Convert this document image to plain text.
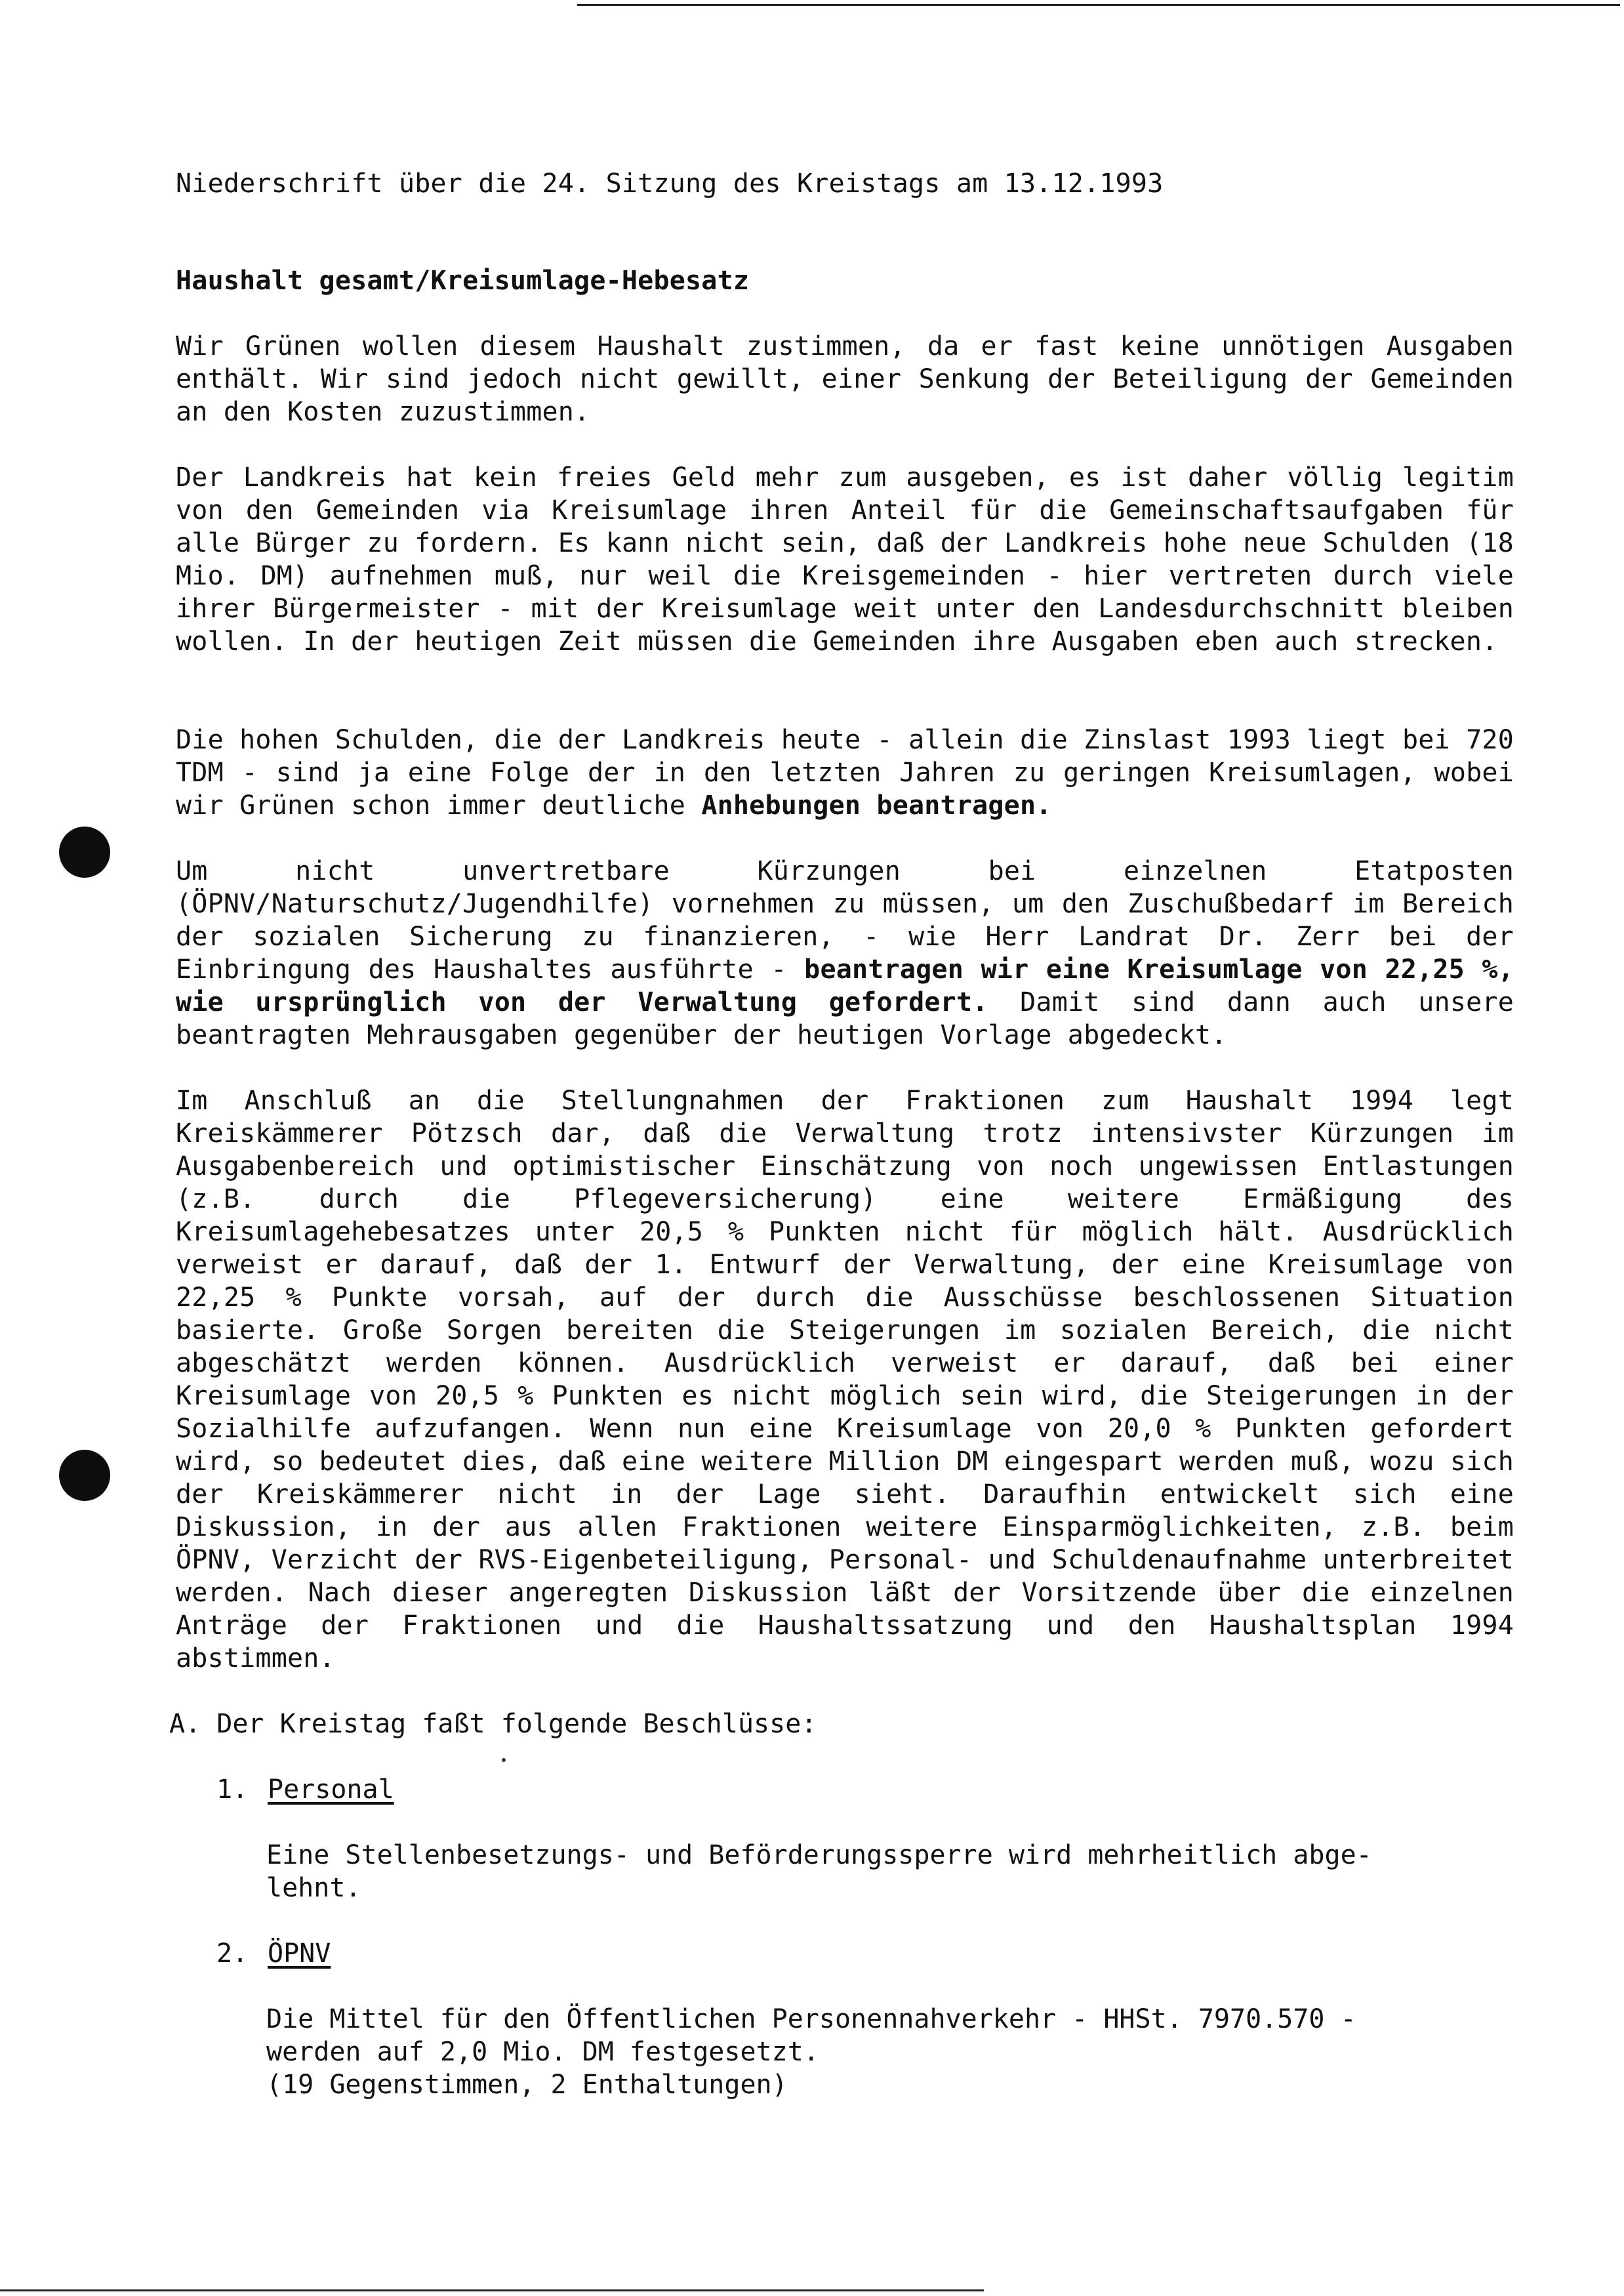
Niederschrift über die 24. Sitzung des Kreistags am 13.12.1993
Haushalt gesamt/Kreisumlage-Hebesatz
Wir Grünen wollen diesem Haushalt zustimmen, da er fast keine unnötigen Ausgaben enthält. Wir sind jedoch nicht gewillt, einer Senkung der Beteiligung der Gemeinden an den Kosten zuzustimmen.
Der Landkreis hat kein freies Geld mehr zum ausgeben, es ist daher völlig legitim von den Gemeinden via Kreisumlage ihren Anteil für die Gemeinschaftsaufgaben für alle Bürger zu fordern. Es kann nicht sein, daß der Landkreis hohe neue Schulden (18 Mio. DM) aufnehmen muß, nur weil die Kreisgemeinden - hier vertreten durch viele ihrer Bürgermeister - mit der Kreisumlage weit unter den Landesdurchschnitt bleiben wollen. In der heutigen Zeit müssen die Gemeinden ihre Ausgaben eben auch strecken.
Die hohen Schulden, die der Landkreis heute - allein die Zinslast 1993 liegt bei 720 TDM - sind ja eine Folge der in den letzten Jahren zu geringen Kreisumlagen, wobei wir Grünen schon immer deutliche Anhebungen beantragen.
Um nicht unvertretbare Kürzungen bei einzelnen Etatposten (ÖPNV/Naturschutz/Jugendhilfe) vornehmen zu müssen, um den Zuschußbedarf im Bereich der sozialen Sicherung zu finanzieren, - wie Herr Landrat Dr. Zerr bei der Einbringung des Haushaltes ausführte - beantragen wir eine Kreisumlage von 22,25 %, wie ursprünglich von der Verwaltung gefordert. Damit sind dann auch unsere beantragten Mehrausgaben gegenüber der heutigen Vorlage abgedeckt.
Im Anschluß an die Stellungnahmen der Fraktionen zum Haushalt 1994 legt Kreiskämmerer Pötzsch dar, daß die Verwaltung trotz intensivster Kürzungen im Ausgabenbereich und optimistischer Einschätzung von noch ungewissen Entlastungen (z.B. durch die Pflegeversicherung) eine weitere Ermäßigung des Kreisumlagehebesatzes unter 20,5 % Punkten nicht für möglich hält. Ausdrücklich verweist er darauf, daß der 1. Entwurf der Verwaltung, der eine Kreisumlage von 22,25 % Punkte vorsah, auf der durch die Ausschüsse beschlossenen Situation basierte. Große Sorgen bereiten die Steigerungen im sozialen Bereich, die nicht abgeschätzt werden können. Ausdrücklich verweist er darauf, daß bei einer Kreisumlage von 20,5 % Punkten es nicht möglich sein wird, die Steigerungen in der Sozialhilfe aufzufangen. Wenn nun eine Kreisumlage von 20,0 % Punkten gefordert wird, so bedeutet dies, daß eine weitere Million DM eingespart werden muß, wozu sich der Kreiskämmerer nicht in der Lage sieht. Daraufhin entwickelt sich eine Diskussion, in der aus allen Fraktionen weitere Einsparmöglichkeiten, z.B. beim ÖPNV, Verzicht der RVS-Eigenbeteiligung, Personal- und Schuldenaufnahme unterbreitet werden. Nach dieser angeregten Diskussion läßt der Vorsitzende über die einzelnen Anträge der Fraktionen und die Haushaltssatzung und den Haushaltsplan 1994 abstimmen.
A. Der Kreistag faßt folgende Beschlüsse:
1. Personal
Eine Stellenbesetzungs- und Beförderungssperre wird mehrheitlich abge-
lehnt.
2. ÖPNV
Die Mittel für den Öffentlichen Personennahverkehr - HHSt. 7970.570 -
werden auf 2,0 Mio. DM festgesetzt.
(19 Gegenstimmen, 2 Enthaltungen)
